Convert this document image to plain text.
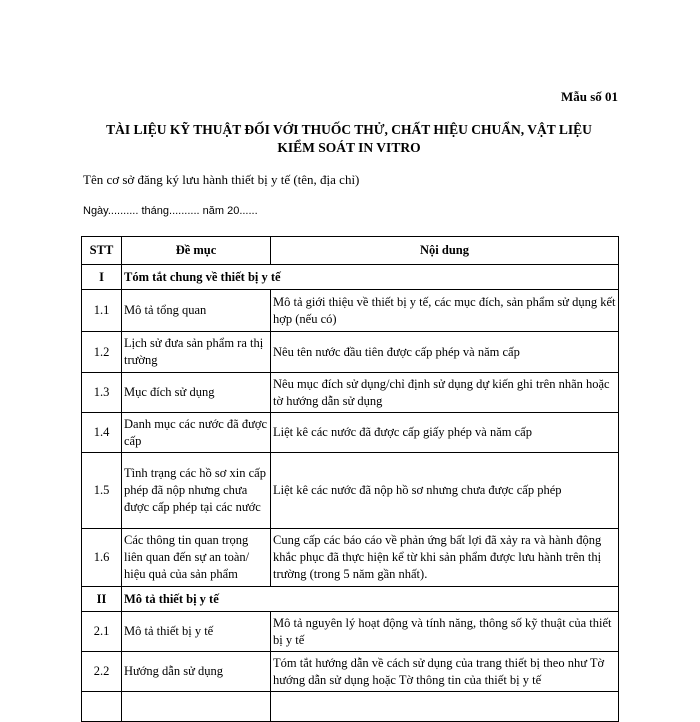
Mẫu số 01
TÀI LIỆU KỸ THUẬT ĐỐI VỚI THUỐC THỬ, CHẤT HIỆU CHUẨN, VẬT LIỆU
KIỂM SOÁT IN VITRO
Tên cơ sở đăng ký lưu hành thiết bị y tế (tên, địa chỉ)
Ngày.......... tháng.......... năm 20......
STT	Đề mục	Nội dung
I	Tóm tắt chung về thiết bị y tế	
1.1	Mô tả tổng quan	Mô tả giới thiệu về thiết bị y tế, các mục đích, sản phẩm sử dụng kết hợp (nếu có)
1.2	Lịch sử đưa sản phẩm ra thị trường	Nêu tên nước đầu tiên được cấp phép và năm cấp
1.3	Mục đích sử dụng	Nêu mục đích sử dụng/chỉ định sử dụng dự kiến ghi trên nhãn hoặc tờ hướng dẫn sử dụng
1.4	Danh mục các nước đã được cấp	Liệt kê các nước đã được cấp giấy phép và năm cấp
1.5	Tình trạng các hồ sơ xin cấp phép đã nộp nhưng chưa được cấp phép tại các nước	Liệt kê các nước đã nộp hồ sơ nhưng chưa được cấp phép
1.6	Các thông tin quan trọng liên quan đến sự an toàn/ hiệu quả của sản phẩm	Cung cấp các báo cáo về phản ứng bất lợi đã xảy ra và hành động khắc phục đã thực hiện kể từ khi sản phẩm được lưu hành trên thị trường (trong 5 năm gần nhất).
II	Mô tả thiết bị y tế	
2.1	Mô tả thiết bị y tế	Mô tả nguyên lý hoạt động và tính năng, thông số kỹ thuật của thiết bị y tế
2.2	Hướng dẫn sử dụng	Tóm tắt hướng dẫn về cách sử dụng của trang thiết bị theo như Tờ hướng dẫn sử dụng hoặc Tờ thông tin của thiết bị y tế
